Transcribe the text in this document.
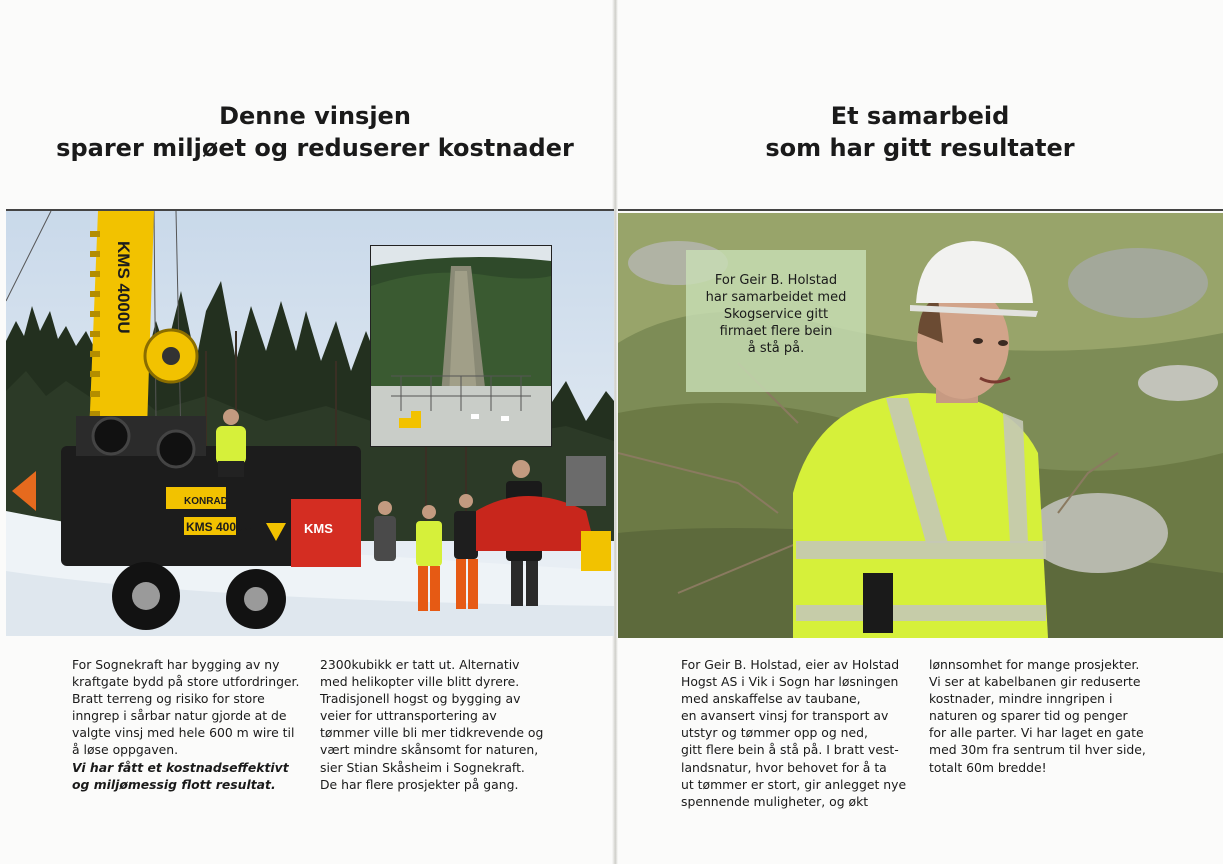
Denne vinsjen
sparer miljøet og reduserer kostnader
Et samarbeid
som har gitt resultater
KMS 4000U
KMS
KONRAD
KMS 4000U
For Geir B. Holstad
har samarbeidet med
Skogservice gitt
firmaet flere bein
å stå på.

For Sognekraft har bygging av ny
kraftgate bydd på store utfordringer.
Bratt terreng og risiko for store
inngrep i sårbar natur gjorde at de
valgte vinsj med hele 600 m wire til
å løse oppgaven.
Vi har fått et kostnadseffektivt
og miljømessig flott resultat.

2300kubikk er tatt ut. Alternativ
med helikopter ville blitt dyrere.
Tradisjonell hogst og bygging av
veier for uttransportering av
tømmer ville bli mer tidkrevende og
vært mindre skånsomt for naturen,
sier Stian Skåsheim i Sognekraft.
De har flere prosjekter på gang.

For Geir B. Holstad, eier av Holstad
Hogst AS i Vik i Sogn har løsningen
med anskaffelse av taubane,
en avansert vinsj for transport av
utstyr og tømmer opp og ned,
gitt flere bein å stå på. I bratt vest-
landsnatur, hvor behovet for å ta
ut tømmer er stort, gir anlegget nye
spennende muligheter, og økt

lønnsomhet for mange prosjekter.
Vi ser at kabelbanen gir reduserte
kostnader, mindre inngripen i
naturen og sparer tid og penger
for alle parter. Vi har laget en gate
med 30m fra sentrum til hver side,
totalt 60m bredde!
